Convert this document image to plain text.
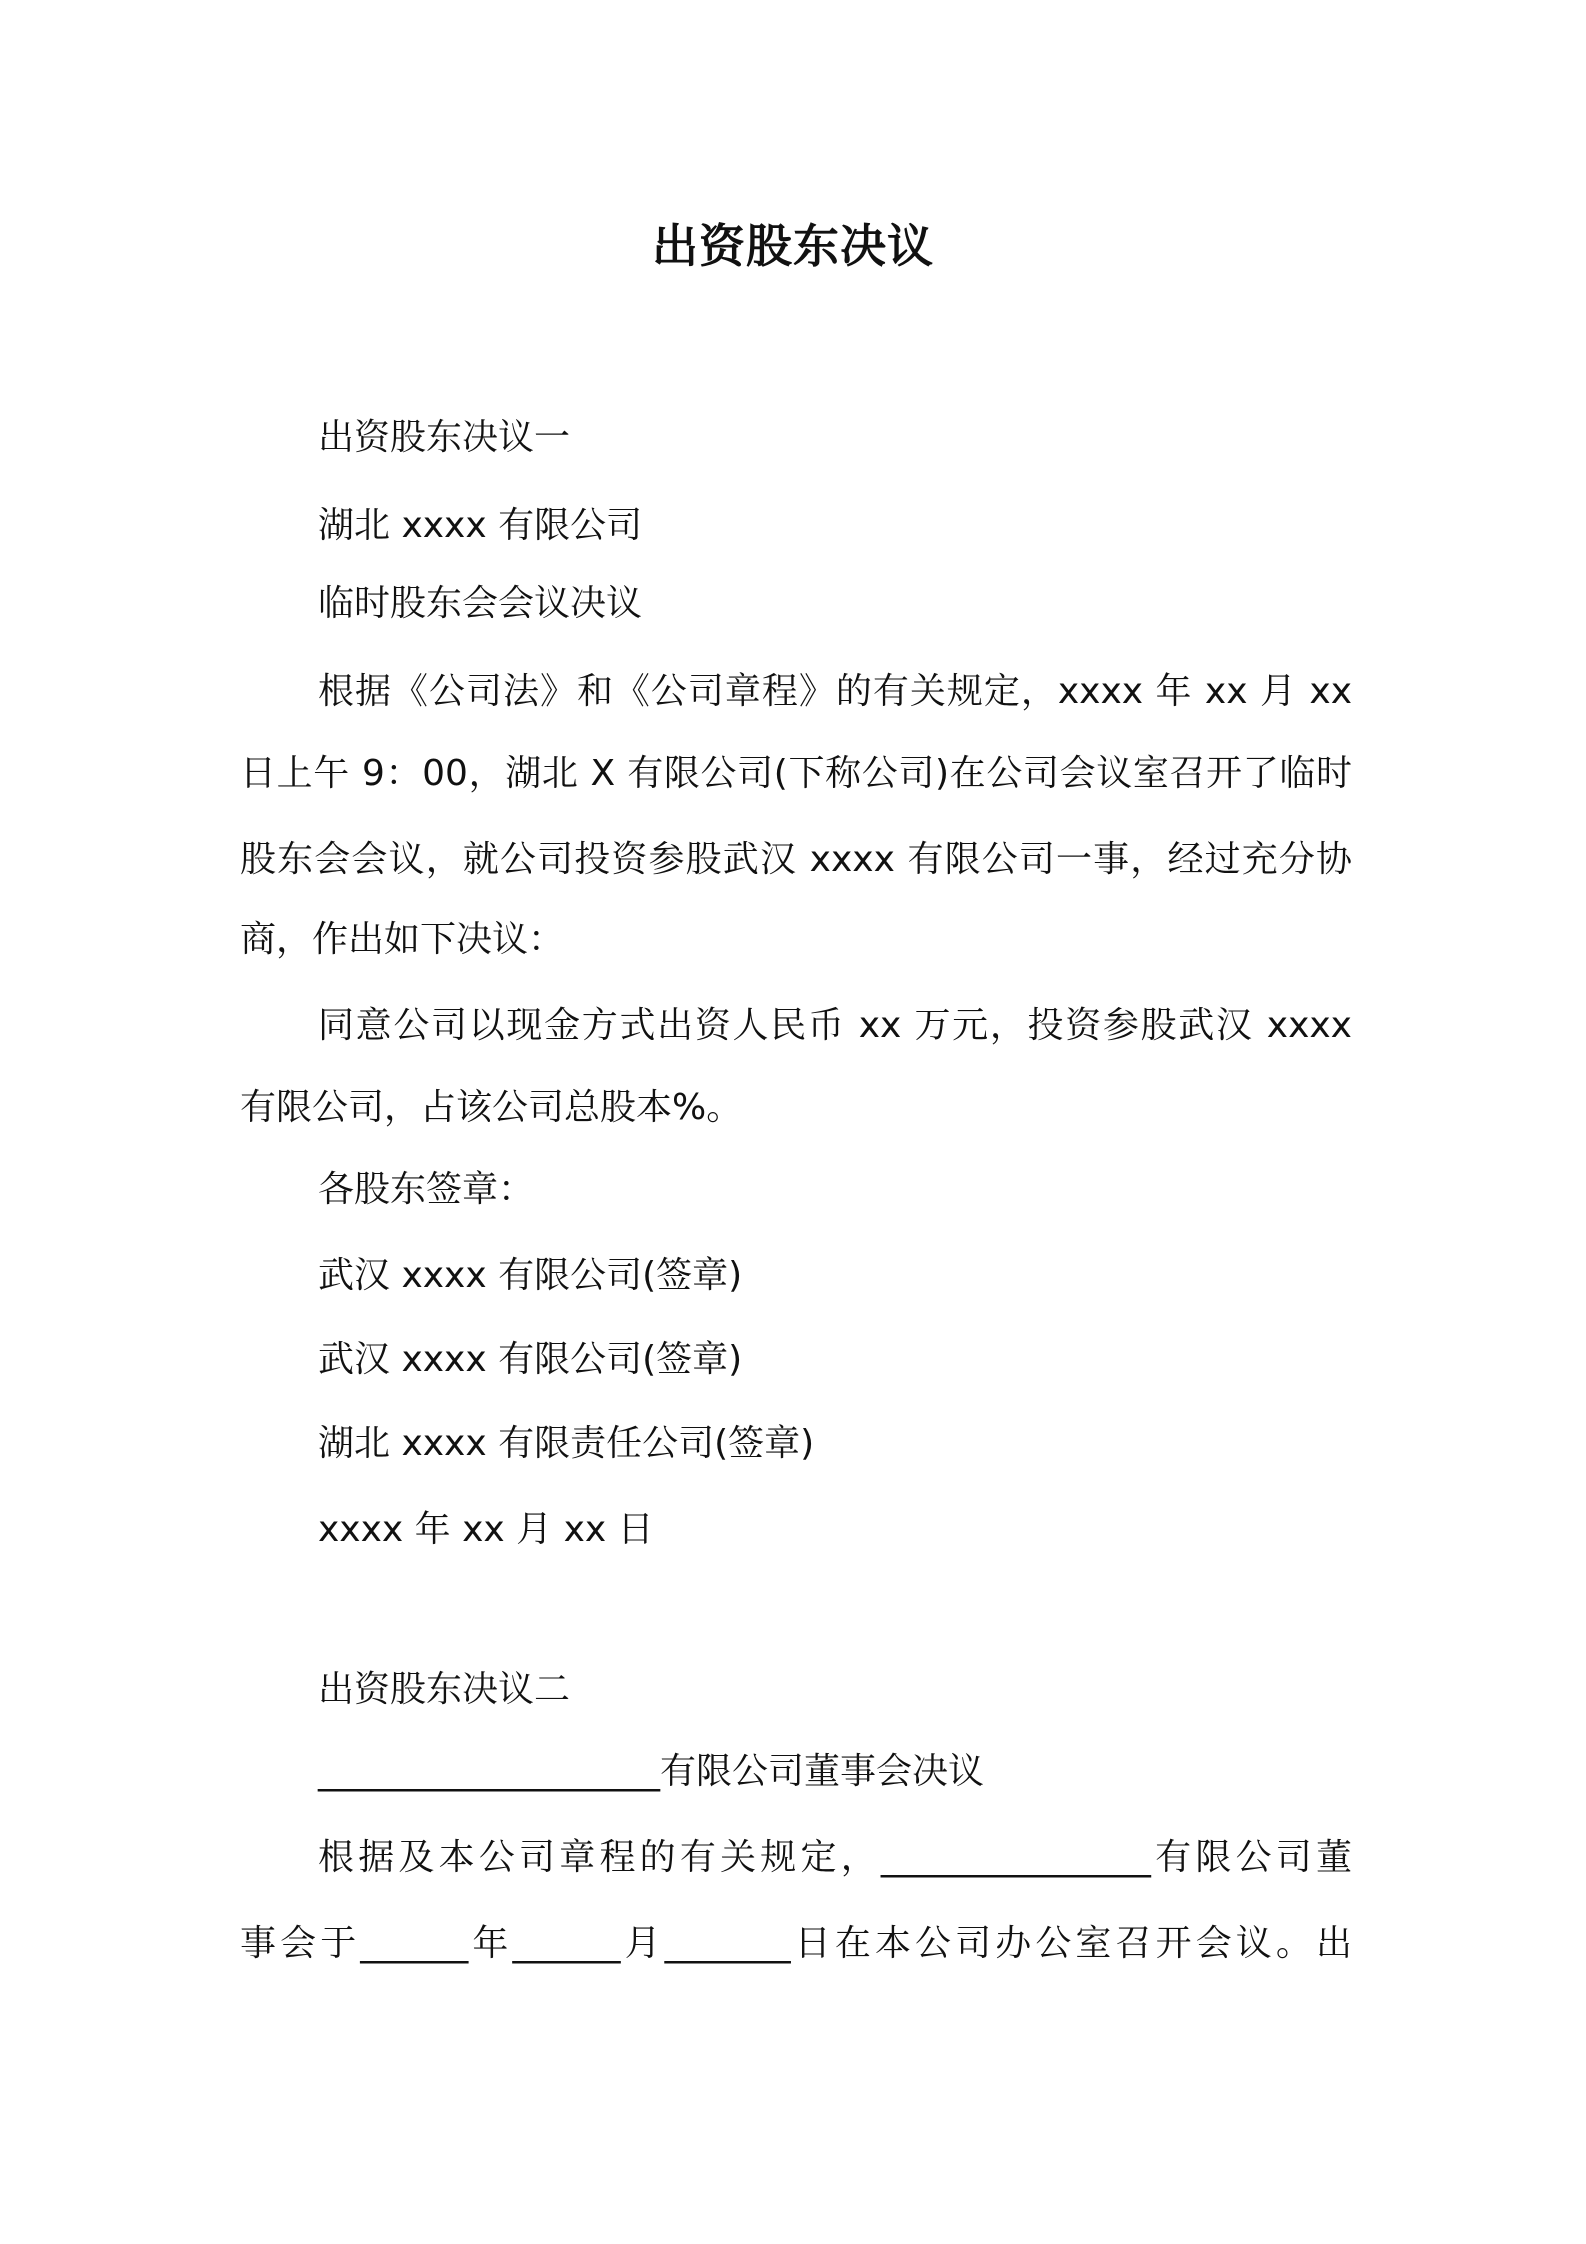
出资股东决议
出资股东决议一
湖北 xxxx 有限公司
临时股东会会议决议
根据《公司法》和《公司章程》的有关规定，xxxx 年 xx 月 xx
日上午 9：00，湖北 X 有限公司(下称公司)在公司会议室召开了临时
股东会会议，就公司投资参股武汉 xxxx 有限公司一事，经过充分协
商，作出如下决议：
同意公司以现金方式出资人民币 xx 万元，投资参股武汉 xxxx
有限公司，占该公司总股本%。
各股东签章：
武汉 xxxx 有限公司(签章)
武汉 xxxx 有限公司(签章)
湖北 xxxx 有限责任公司(签章)
xxxx 年 xx 月 xx 日
出资股东决议二
___________________有限公司董事会决议
根据及本公司章程的有关规定，_______________有限公司董
事会于______年______月_______日在本公司办公室召开会议。出
